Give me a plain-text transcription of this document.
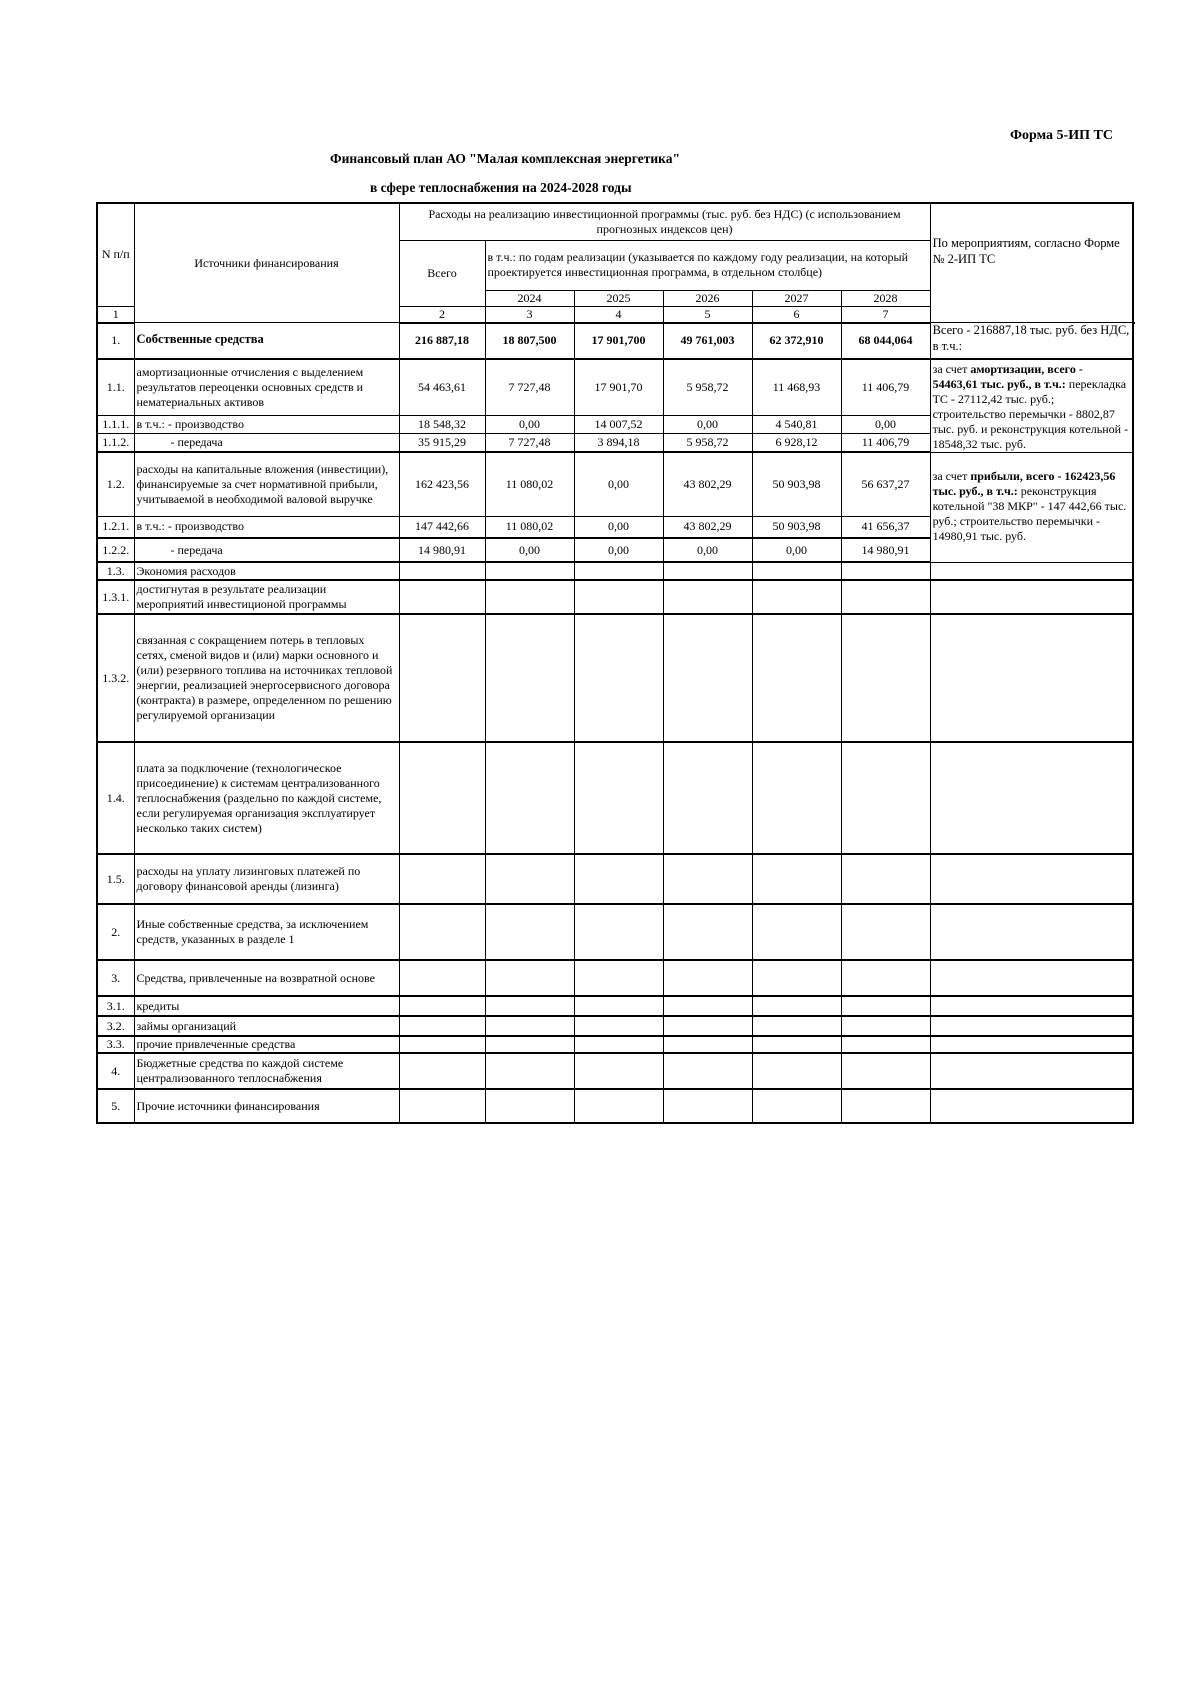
Форма 5-ИП ТС
Финансовый план АО "Малая комплексная энергетика"
в сфере теплоснабжения на 2024-2028 годы
N п/п	Источники финансирования	Расходы на реализацию инвестиционной программы (тыс. руб. без НДС) (с использованием прогнозных индексов цен)						По мероприятиям, согласно Форме № 2-ИП ТС	
		Всего	в т.ч.: по годам реализации (указывается по каждому году реализации, на который проектируется инвестиционная программа, в отдельном столбце)						
			2024	2025	2026	2027	2028		
1		2	3	4	5	6	7		
1.	Собственные средства	216 887,18	18 807,500	17 901,700	49 761,003	62 372,910	68 044,064	Всего - 216887,18 тыс. руб. без НДС, в т.ч.:	
1.1.	амортизационные отчисления с выделением результатов переоценки основных средств и нематериальных активов	54 463,61	7 727,48	17 901,70	5 958,72	11 468,93	11 406,79	за счет амортизации, всего - 54463,61 тыс. руб., в т.ч.: перекладка ТС - 27112,42 тыс. руб.; строительство перемычки - 8802,87 тыс. руб. и реконструкция котельной - 18548,32 тыс. руб.	
1.1.1.	в т.ч.: - производство	18 548,32	0,00	14 007,52	0,00	4 540,81	0,00		
1.1.2.	- передача	35 915,29	7 727,48	3 894,18	5 958,72	6 928,12	11 406,79		
1.2.	расходы на капитальные вложения (инвестиции), финансируемые за счет нормативной прибыли, учитываемой в необходимой валовой выручке	162 423,56	11 080,02	0,00	43 802,29	50 903,98	56 637,27	за счет прибыли, всего - 162423,56 тыс. руб., в т.ч.: реконструкция котельной "38 МКР" - 147 442,66 тыс. руб.; строительство перемычки - 14980,91 тыс. руб.	
1.2.1.	в т.ч.: - производство	147 442,66	11 080,02	0,00	43 802,29	50 903,98	41 656,37		
1.2.2.	- передача	14 980,91	0,00	0,00	0,00	0,00	14 980,91		
1.3.	Экономия расходов								
1.3.1.	достигнутая в результате реализации мероприятий инвестиционой программы								
1.3.2.	связанная с сокращением потерь в тепловых сетях, сменой видов и (или) марки основного и (или) резервного топлива на источниках тепловой энергии, реализацией энергосервисного договора (контракта) в размере, определенном по решению регулируемой организации								
1.4.	плата за подключение (технологическое присоединение) к системам централизованного теплоснабжения (раздельно по каждой системе, если регулируемая организация эксплуатирует несколько таких систем)								
1.5.	расходы на уплату лизинговых платежей по договору финансовой аренды (лизинга)								
2.	Иные собственные средства, за исключением средств, указанных в разделе 1								
3.	Средства, привлеченные на возвратной основе								
3.1.	кредиты								
3.2.	займы организаций								
3.3.	прочие привлеченные средства								
4.	Бюджетные средства по каждой системе централизованного теплоснабжения								
5.	Прочие источники финансирования								
